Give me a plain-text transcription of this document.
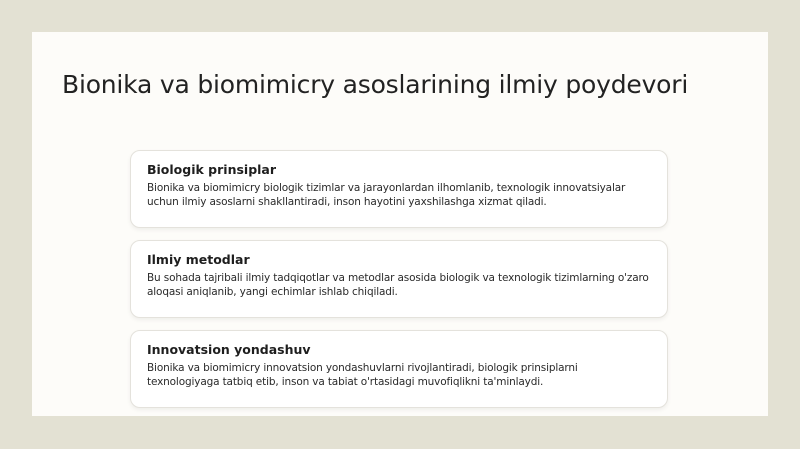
Bionika va biomimicry asoslarining ilmiy poydevori

Biologik prinsiplar

Bionika va biomimicry biologik tizimlar va jarayonlardan ilhomlanib, texnologik innovatsiyalar uchun ilmiy asoslarni shakllantiradi, inson hayotini yaxshilashga xizmat qiladi.

Ilmiy metodlar

Bu sohada tajribali ilmiy tadqiqotlar va metodlar asosida biologik va texnologik tizimlarning o'zaro aloqasi aniqlanib, yangi echimlar ishlab chiqiladi.

Innovatsion yondashuv

Bionika va biomimicry innovatsion yondashuvlarni rivojlantiradi, biologik prinsiplarni texnologiyaga tatbiq etib, inson va tabiat o'rtasidagi muvofiqlikni ta'minlaydi.
